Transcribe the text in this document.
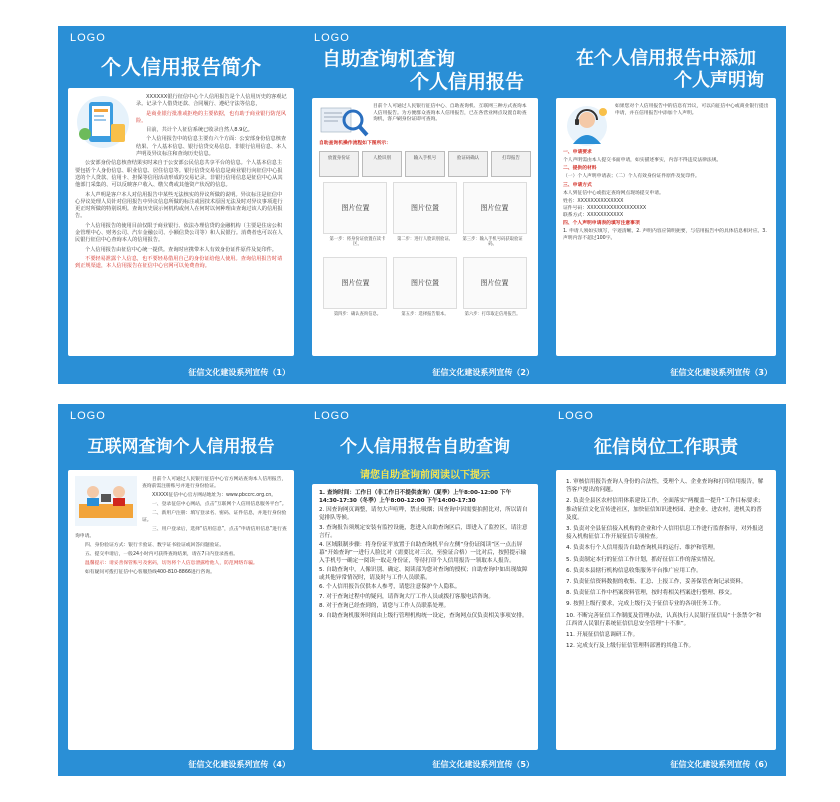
LOGO
个人信用报告简介

XXXXXX银行征信中心个人信用报告是个人信用历史的客观记录。记录个人借贷还款、合同履行、遵纪守法等信息，

是商业银行批准或拒绝的主要依据，也有助于商业银行防范风险。

目前，共计个人征信系统已收录自然人8.9亿。

个人信用报告中的信息主要有六个方面：公安部身份信息核查结果、个人基本信息、银行信贷交易信息、非银行信用信息、本人声明及异议标注和查询历史信息。

公安部身份信息核查结果实时来自于公安部公民信息共享平台的信息。个人基本信息主要包括个人身份信息、职业信息、居住信息等。银行信贷交易信息是商业银行向征信中心报送的个人贷款、信用卡、担保等信用活动形成的交易记录。非银行信用信息是征信中心从其他部门采集的、可以反映客户收入、缴欠费或其他资产状况的信息。

本人声明是客户本人对信用报告中某些无法核实的异议所做的说明。异议标注是征信中心异议处理人员针对信用报告中异议信息所做的标注或因技术原因无法及时对异议事项进行更正时所做的特别说明。查询历史展示何机构或何人在何时以何种理由查询过该人的信用报告。

个人信用报告的使用目前仅限于商业银行、依法办理信贷的金融机构（主要是住房公积金管理中心、财务公司、汽车金融公司、小额信贷公司等）和人民银行。消费者也可以在人民银行征信中心查询本人的信用报告。

个人信用报告由征信中心统一提供。查询时应携带本人有效身份证件原件及复印件。

不要轻易泄露个人信息，也不要轻易借用自己的身份证给他人使用。查询信用报告时请到正规渠道，本人信用报告在征信中心官网可以免费查询。

征信文化建设系列宣传（1）
LOGO
自助查询机查询
个人信用报告
目前个人可通过人民银行征信中心、自助查询机、互联网三种方式查询本人信用报告。为方便群众查询本人信用报告，已在各营业网点设置自助查询机，客户刷身份证即可查询。
自助查询机操作流程如下图所示：
放置身份证	人脸识别	输入手机号	验证码确认	打印报告
图片位置	图片位置	图片位置
第一步：将身份证放置在读卡区。 第二步：进行人脸识别验证。 第三步：输入手机号码获取验证码。
图片位置	图片位置	图片位置
第四步：确认查询信息。	第五步：选择报告版本。	第六步：打印取走信用报告。
征信文化建设系列宣传（2）
在个人信用报告中添加
个人声明询
如果您对个人信用报告中的信息有异议，可以向征信中心或商业银行提出申请，并在信用报告中添加个人声明。
一、申请要求
个人声明需由本人提交书面申请，如实描述事实，内容不得违反法律法规。
二、提供的材料
（一）个人声明申请表；（二）个人有效身份证件原件及复印件。
三、申请方式
本人到征信中心或指定查询网点现场提交申请。
姓名：XXXXXXXXXXXXXX
证件号码：XXXXXXXXXXXXXXXXXX
联系方式：XXXXXXXXXXX
四、个人声明申请表的填写注意事项
1. 申请人须如实填写，字迹清晰。2. 声明内容应简明扼要，与信用报告中的具体信息相对应。3. 声明内容不超过100字。
征信文化建设系列宣传（3）
LOGO
互联网查询个人信用报告

目前个人可通过人民银行征信中心官方网站查询本人信用报告，查询前需注册账号并进行身份验证。

XXXXX征信中心官方网站地址为：www.pbccrc.org.cn。

一、登录征信中心网站，点击“互联网个人信用信息服务平台”。

二、新用户注册：填写登录名、密码、证件信息，并进行身份验证。

三、用户登录后，选择“信用信息”，点击“申请信用信息”进行查询申请。

四、身份验证方式：银行卡验证、数字证书验证或回答问题验证。

五、提交申请后，一般24小时内可获得查询结果，请在7日内登录查看。

温馨提示：请妥善保管账号及密码，切勿将个人信息泄露给他人，防范网络诈骗。

如有疑问可拨打征信中心客服热线400-810-8866进行咨询。

征信文化建设系列宣传（4）
LOGO
个人信用报告自助查询
请您自助查询前阅读以下提示
1. 查询时间：工作日（非工作日不提供查询）（夏季）上午8:00-12:00 下午14:30-17:30（冬季）上午8:00-12:00 下午14:00-17:30
2. 因查询网页调整，请勿大声喧哗，禁止吸烟；因查询中因需要拍照比对，所以请自觉排队等候。
3. 查询报告须规定安装有监控设施，您进入自助查询区后，即进入了监控区，请注意言行。
4. 区域限制步骤：将身份证平放置于自助查询机平台左侧“身份证阅读”区一点击屏幕“开始查询”一进行人脸比对（需要比对三次，至验证合格）一比对后，按照提示输入手机号一确定一阅读一取走身份证，等待打印个人信用报告一领取本人报告。
5. 自助查询中，人像识别、确定、阅读部为您对查询的授权；自助查询中如出现故障或其他异常情况时，请及时与工作人员联系。
6. 个人信用报告仅供本人参考，请您注意保护个人隐私。
7. 对于查询过程中的疑问，请咨询大厅工作人员或拨打客服电话咨询。
8. 对于查询已经查到的，请您与工作人员联系处理。
9. 自助查询机服务时间由上级行管理机构统一设定，查询网点仅负责相关事项安排。
征信文化建设系列宣传（5）
LOGO
征信岗位工作职责
1. 审核信用报告查询人身份的合法性，受理个人、企业查询和打印信用报告，解答客户提出的问题。
2. 负责全县区农村信用体系建设工作，全面落实“两覆盖一提升”工作目标要求；推动征信文化宣传进社区，加快征信知识进校园、进企业、进农村，进机关的普及度。
3. 负责对全县征信接入机构的企业和个人信用信息工作进行监督指导，对外报送接入机构征信工作开展征信专项检查。
4. 负责本行个人信用报告自助查询机具的运行、维护和管理。
5. 负责制定本行的征信工作计划，抓好征信工作的落实情况。
6. 负责本县辖行机构信息收集服务平台推广应用工作。
7. 负责征信资料数据的收集、汇总、上报工作，妥善保管查询记录资料。
8. 负责征信工作中档案资料管理，按时将相关档案进行整理、移交。
9. 按照上级行要求，完成上级行关于征信专业的各项任务工作。
10. 不断完善征信工作制度及管理办法，认真执行人民银行征信局“十条禁令”和江西省人民银行系统征信信息安全管理“十不准”。
11. 开展征信信息调研工作。
12. 完成支行及上级行征信管理科部署的其他工作。
征信文化建设系列宣传（6）
